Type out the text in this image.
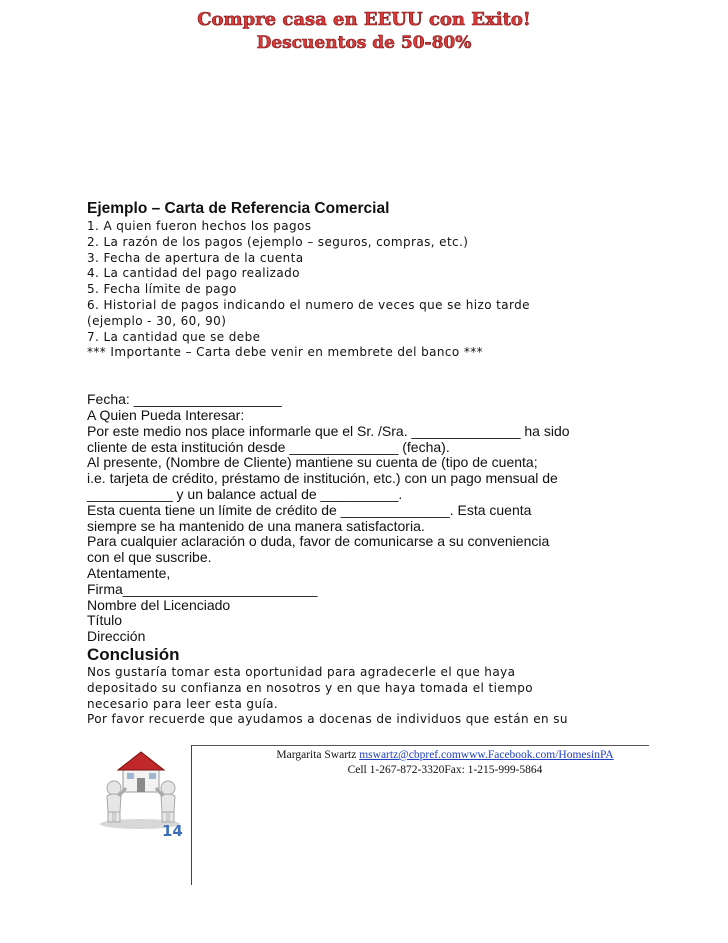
Compre casa en EEUU con Exito!
Descuentos de 50-80%
Ejemplo – Carta de Referencia Comercial
1. A quien fueron hechos los pagos
2. La razón de los pagos (ejemplo – seguros, compras, etc.)
3. Fecha de apertura de la cuenta
4. La cantidad del pago realizado
5. Fecha límite de pago
6. Historial de pagos indicando el numero de veces que se hizo tarde
(ejemplo - 30, 60, 90)
7. La cantidad que se debe
*** Importante – Carta debe venir en membrete del banco ***
Fecha: ___________________
A Quien Pueda Interesar:
Por este medio nos place informarle que el Sr. /Sra. ______________ ha sido
cliente de esta institución desde ______________ (fecha).
Al presente, (Nombre de Cliente) mantiene su cuenta de (tipo de cuenta;
i.e. tarjeta de crédito, préstamo de institución, etc.) con un pago mensual de
___________ y un balance actual de __________.
Esta cuenta tiene un límite de crédito de ______________. Esta cuenta
siempre se ha mantenido de una manera satisfactoria.
Para cualquier aclaración o duda, favor de comunicarse a su conveniencia
con el que suscribe.
Atentamente,
Firma_________________________
Nombre del Licenciado
Título
Dirección
Conclusión
Nos gustaría tomar esta oportunidad para agradecerle el que haya
depositado su confianza en nosotros y en que haya tomada el tiempo
necesario para leer esta guía.
Por favor recuerde que ayudamos a docenas de individuos que están en su
Margarita Swartz mswartz@cbpref.comwww.Facebook.com/HomesinPA
Cell 1-267-872-3320Fax: 1-215-999-5864
14
